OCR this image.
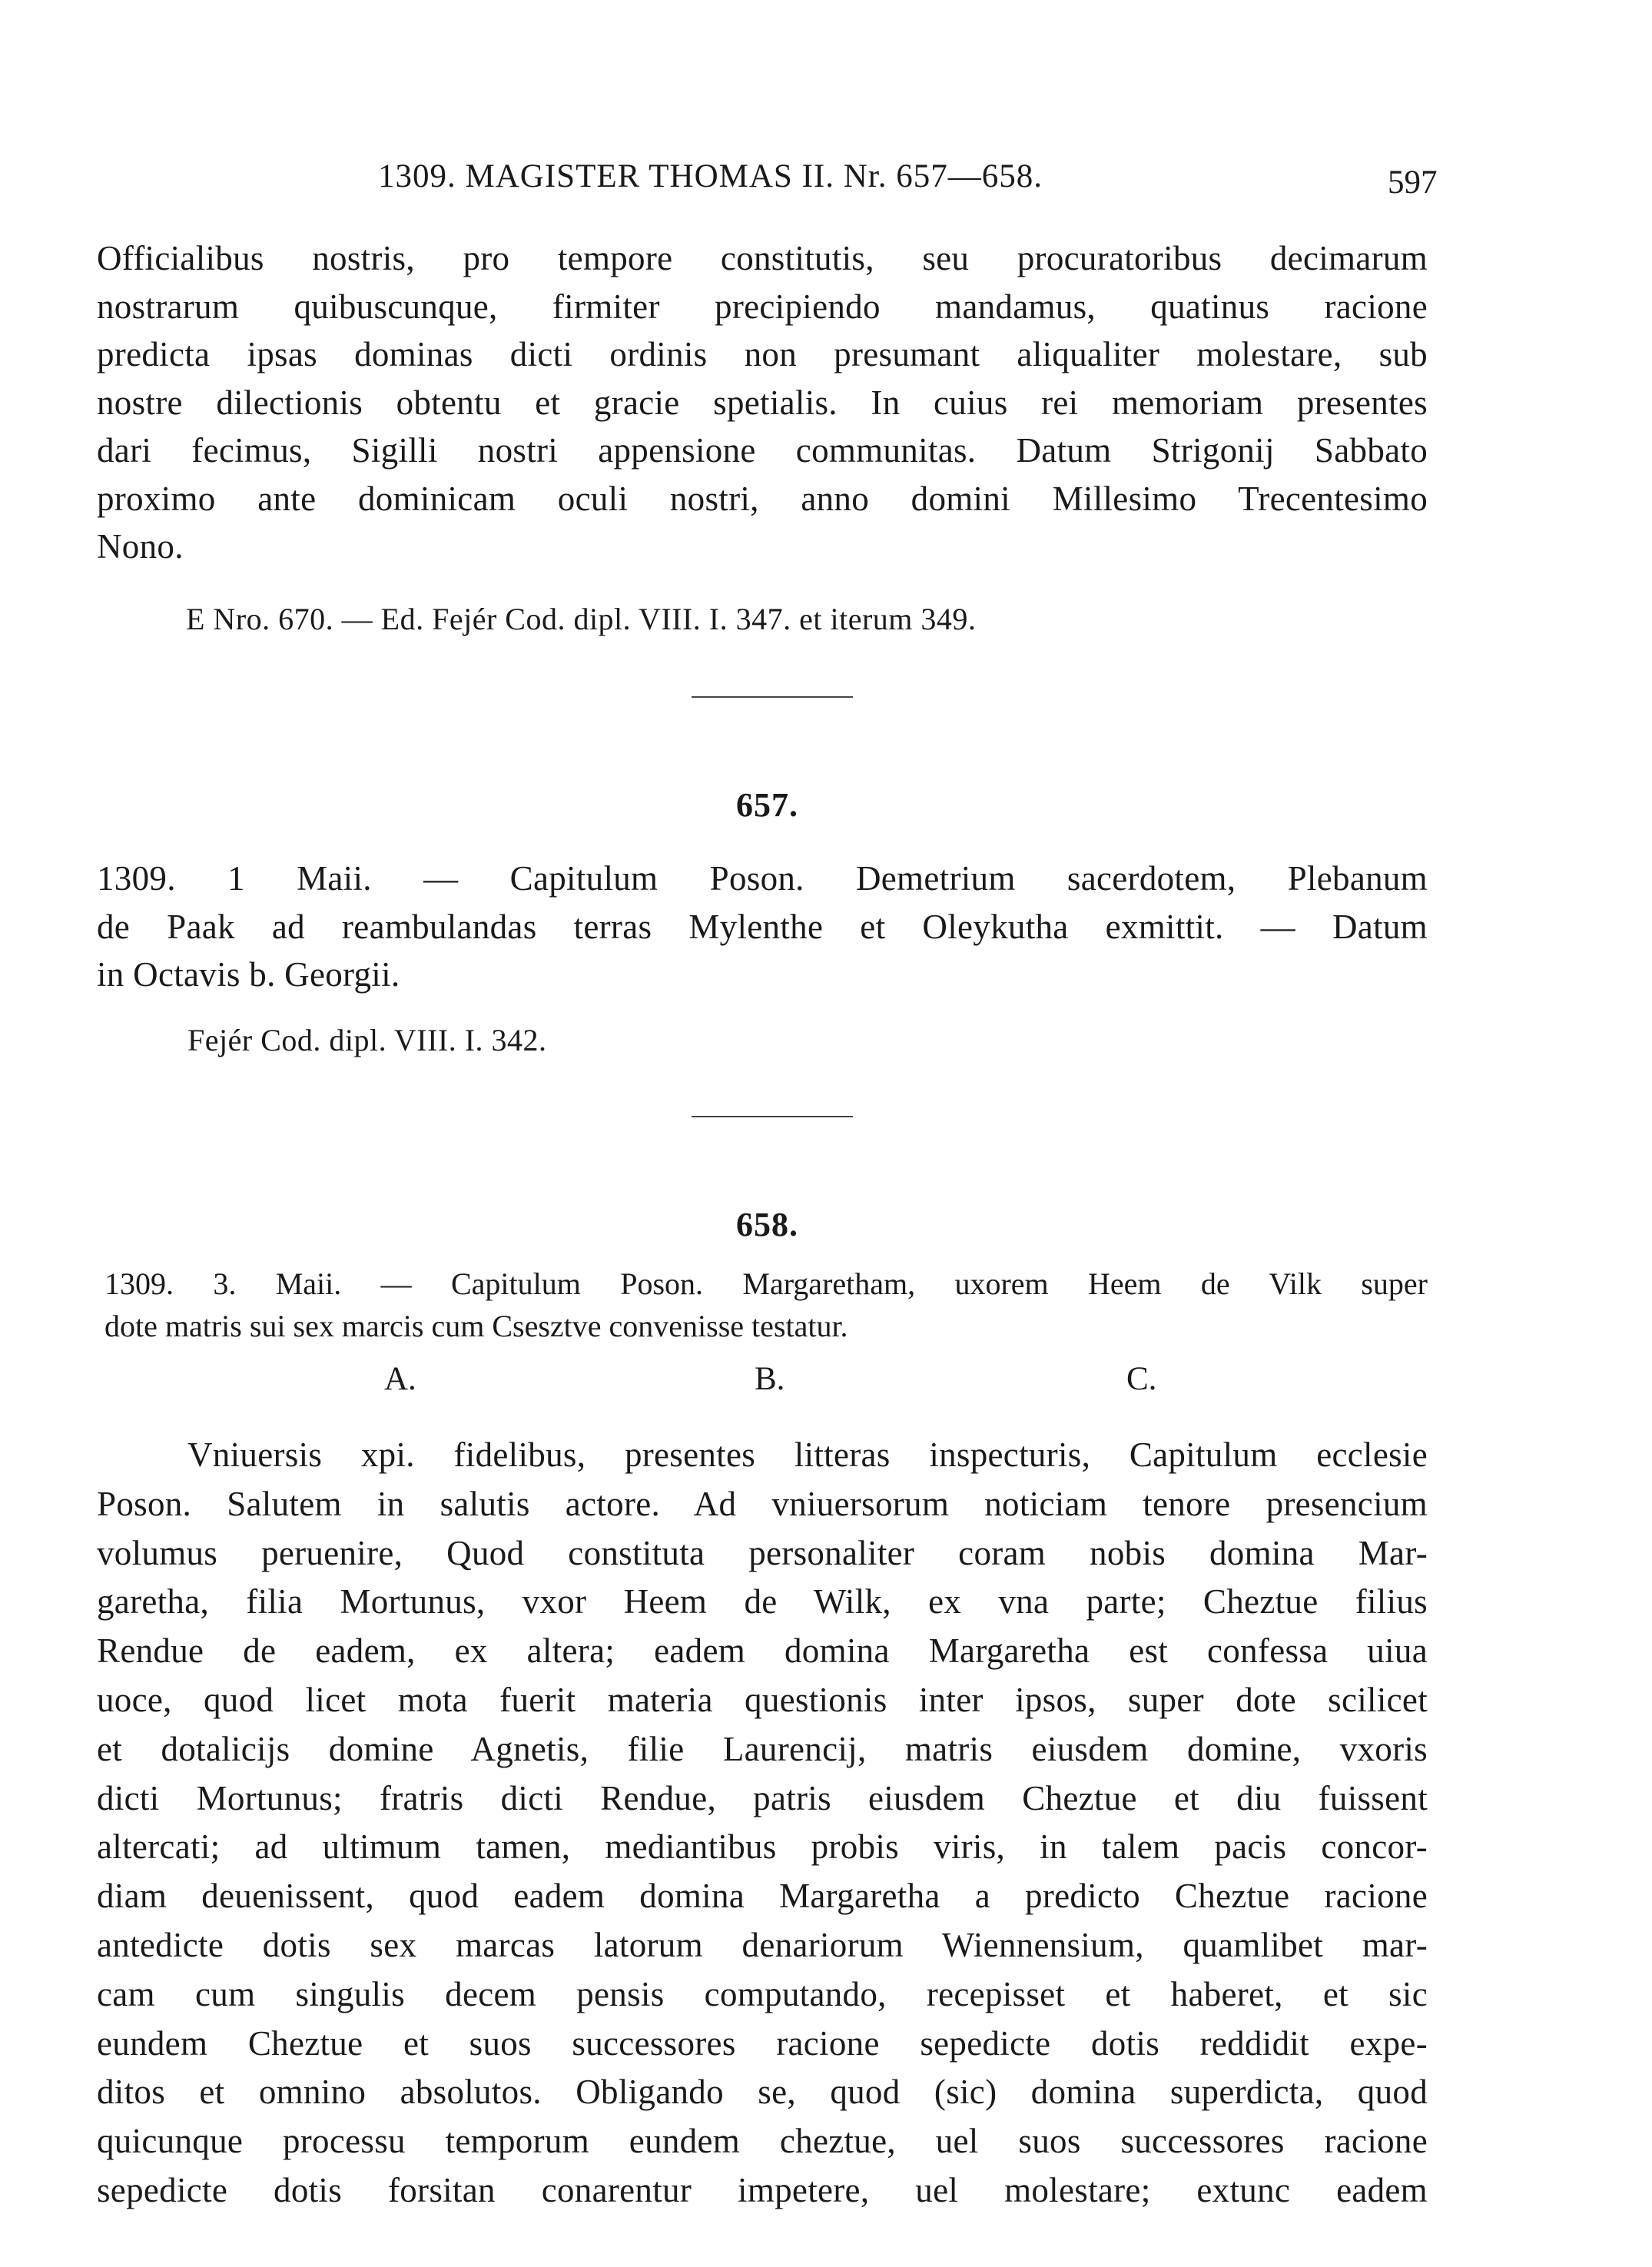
1309. MAGISTER THOMAS II. Nr. 657—658.	597
Officialibus nostris, pro tempore constitutis, seu procuratoribus decimarum
nostrarum quibuscunque, firmiter precipiendo mandamus, quatinus racione
predicta ipsas dominas dicti ordinis non presumant aliqualiter molestare, sub
nostre dilectionis obtentu et gracie spetialis. In cuius rei memoriam presentes
dari fecimus, Sigilli nostri appensione communitas. Datum Strigonij Sabbato
proximo ante dominicam oculi nostri, anno domini Millesimo Trecentesimo
Nono.
E Nro. 670. — Ed. Fejér Cod. dipl. VIII. I. 347. et iterum 349.
657.
1309. 1 Maii. — Capitulum Poson. Demetrium sacerdotem, Plebanum
de Paak ad reambulandas terras Mylenthe et Oleykutha exmittit. — Datum
in Octavis b. Georgii.
Fejér Cod. dipl. VIII. I. 342.
658.
1309. 3. Maii. — Capitulum Poson. Margaretham, uxorem Heem de Vilk super
dote matris sui sex marcis cum Csesztve convenisse testatur.
A.	B.	C.
Vniuersis xpi. fidelibus, presentes litteras inspecturis, Capitulum ecclesie
Poson. Salutem in salutis actore. Ad vniuersorum noticiam tenore presencium
volumus peruenire, Quod constituta personaliter coram nobis domina Mar-
garetha, filia Mortunus, vxor Heem de Wilk, ex vna parte; Cheztue filius
Rendue de eadem, ex altera; eadem domina Margaretha est confessa uiua
uoce, quod licet mota fuerit materia questionis inter ipsos, super dote scilicet
et dotalicijs domine Agnetis, filie Laurencij, matris eiusdem domine, vxoris
dicti Mortunus; fratris dicti Rendue, patris eiusdem Cheztue et diu fuissent
altercati; ad ultimum tamen, mediantibus probis viris, in talem pacis concor-
diam deuenissent, quod eadem domina Margaretha a predicto Cheztue racione
antedicte dotis sex marcas latorum denariorum Wiennensium, quamlibet mar-
cam cum singulis decem pensis computando, recepisset et haberet, et sic
eundem Cheztue et suos successores racione sepedicte dotis reddidit expe-
ditos et omnino absolutos. Obligando se, quod (sic) domina superdicta, quod
quicunque processu temporum eundem cheztue, uel suos successores racione
sepedicte dotis forsitan conarentur impetere, uel molestare; extunc eadem
